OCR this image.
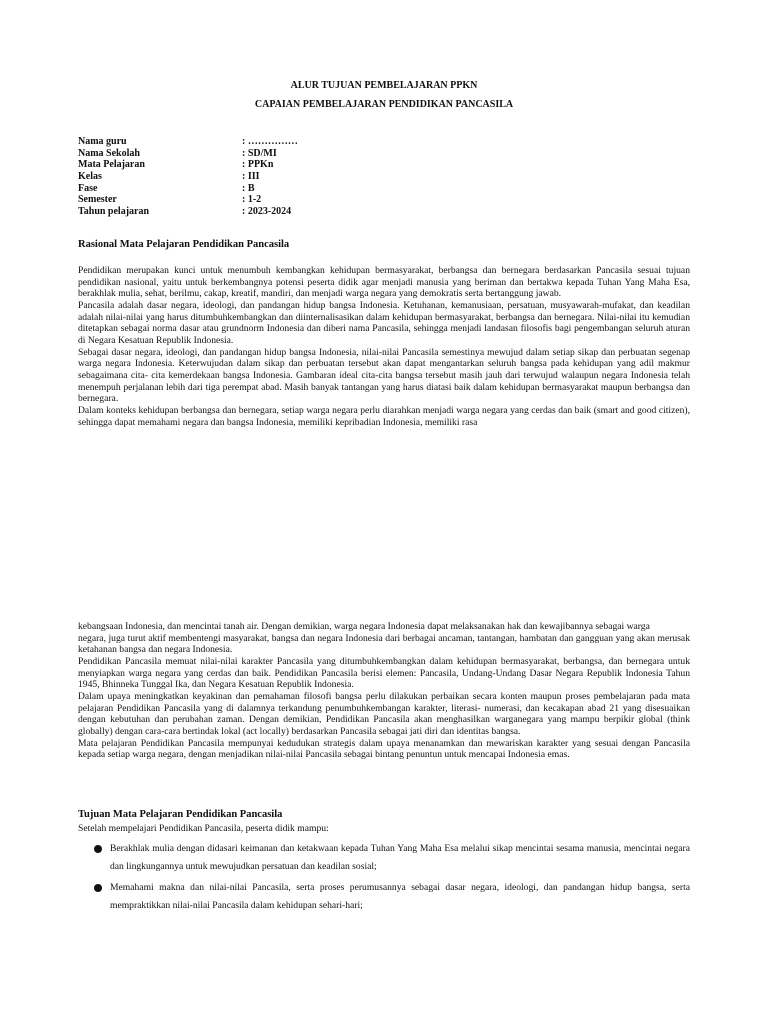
ALUR TUJUAN PEMBELAJARAN PPKN
CAPAIAN PEMBELAJARAN PENDIDIKAN PANCASILA
Nama guru	: ……………
Nama Sekolah	: SD/MI
Mata Pelajaran	: PPKn
Kelas	: III
Fase	: B
Semester	: 1-2
Tahun pelajaran	: 2023-2024
Rasional Mata Pelajaran Pendidikan Pancasila

Pendidikan merupakan kunci untuk menumbuh kembangkan kehidupan bermasyarakat, berbangsa dan bernegara berdasarkan Pancasila sesuai tujuan pendidikan nasional, yaitu untuk berkembangnya potensi peserta didik agar menjadi manusia yang beriman dan bertakwa kepada Tuhan Yang Maha Esa, berakhlak mulia, sehat, berilmu, cakap, kreatif, mandiri, dan menjadi warga negara yang demokratis serta bertanggung jawab.

Pancasila adalah dasar negara, ideologi, dan pandangan hidup bangsa Indonesia. Ketuhanan, kemanusiaan, persatuan, musyawarah-mufakat, dan keadilan adalah nilai-nilai yang harus ditumbuhkembangkan dan diinternalisasikan dalam kehidupan bermasyarakat, berbangsa dan bernegara. Nilai-nilai itu kemudian ditetapkan sebagai norma dasar atau grundnorm Indonesia dan diberi nama Pancasila, sehingga menjadi landasan filosofis bagi pengembangan seluruh aturan di Negara Kesatuan Republik Indonesia.

Sebagai dasar negara, ideologi, dan pandangan hidup bangsa Indonesia, nilai-nilai Pancasila semestinya mewujud dalam setiap sikap dan perbuatan segenap warga negara Indonesia. Keterwujudan dalam sikap dan perbuatan tersebut akan dapat mengantarkan seluruh bangsa pada kehidupan yang adil makmur sebagaimana cita- cita kemerdekaan bangsa Indonesia. Gambaran ideal cita-cita bangsa tersebut masih jauh dari terwujud walaupun negara Indonesia telah menempuh perjalanan lebih dari tiga perempat abad. Masih banyak tantangan yang harus diatasi baik dalam kehidupan bermasyarakat maupun berbangsa dan bernegara.

Dalam konteks kehidupan berbangsa dan bernegara, setiap warga negara perlu diarahkan menjadi warga negara yang cerdas dan baik (smart and good citizen), sehingga dapat memahami negara dan bangsa Indonesia, memiliki kepribadian Indonesia, memiliki rasa

kebangsaan Indonesia, dan mencintai tanah air. Dengan demikian, warga negara Indonesia dapat melaksanakan hak dan kewajibannya sebagai warga

negara, juga turut aktif membentengi masyarakat, bangsa dan negara Indonesia dari berbagai ancaman, tantangan, hambatan dan gangguan yang akan merusak ketahanan bangsa dan negara Indonesia.

Pendidikan Pancasila memuat nilai-nilai karakter Pancasila yang ditumbuhkembangkan dalam kehidupan bermasyarakat, berbangsa, dan bernegara untuk menyiapkan warga negara yang cerdas dan baik. Pendidikan Pancasila berisi elemen: Pancasila, Undang-Undang Dasar Negara Republik Indonesia Tahun 1945, Bhinneka Tunggal Ika, dan Negara Kesatuan Republik Indonesia.

Dalam upaya meningkatkan keyakinan dan pemahaman filosofi bangsa perlu dilakukan perbaikan secara konten maupun proses pembelajaran pada mata pelajaran Pendidikan Pancasila yang di dalamnya terkandung penumbuhkembangan karakter, literasi- numerasi, dan kecakapan abad 21 yang disesuaikan dengan kebutuhan dan perubahan zaman. Dengan demikian, Pendidikan Pancasila akan menghasilkan warganegara yang mampu berpikir global (think globally) dengan cara-cara bertindak lokal (act locally) berdasarkan Pancasila sebagai jati diri dan identitas bangsa.

Mata pelajaran Pendidikan Pancasila mempunyai kedudukan strategis dalam upaya menanamkan dan mewariskan karakter yang sesuai dengan Pancasila kepada setiap warga negara, dengan menjadikan nilai-nilai Pancasila sebagai bintang penuntun untuk mencapai Indonesia emas.

Tujuan Mata Pelajaran Pendidikan Pancasila
Setelah mempelajari Pendidikan Pancasila, peserta didik mampu:
Berakhlak mulia dengan didasari keimanan dan ketakwaan kepada Tuhan Yang Maha Esa melalui sikap mencintai sesama manusia, mencintai negara dan lingkungannya untuk mewujudkan persatuan dan keadilan sosial;
Memahami makna dan nilai-nilai Pancasila, serta proses perumusannya sebagai dasar negara, ideologi, dan pandangan hidup bangsa, serta mempraktikkan nilai-nilai Pancasila dalam kehidupan sehari-hari;
